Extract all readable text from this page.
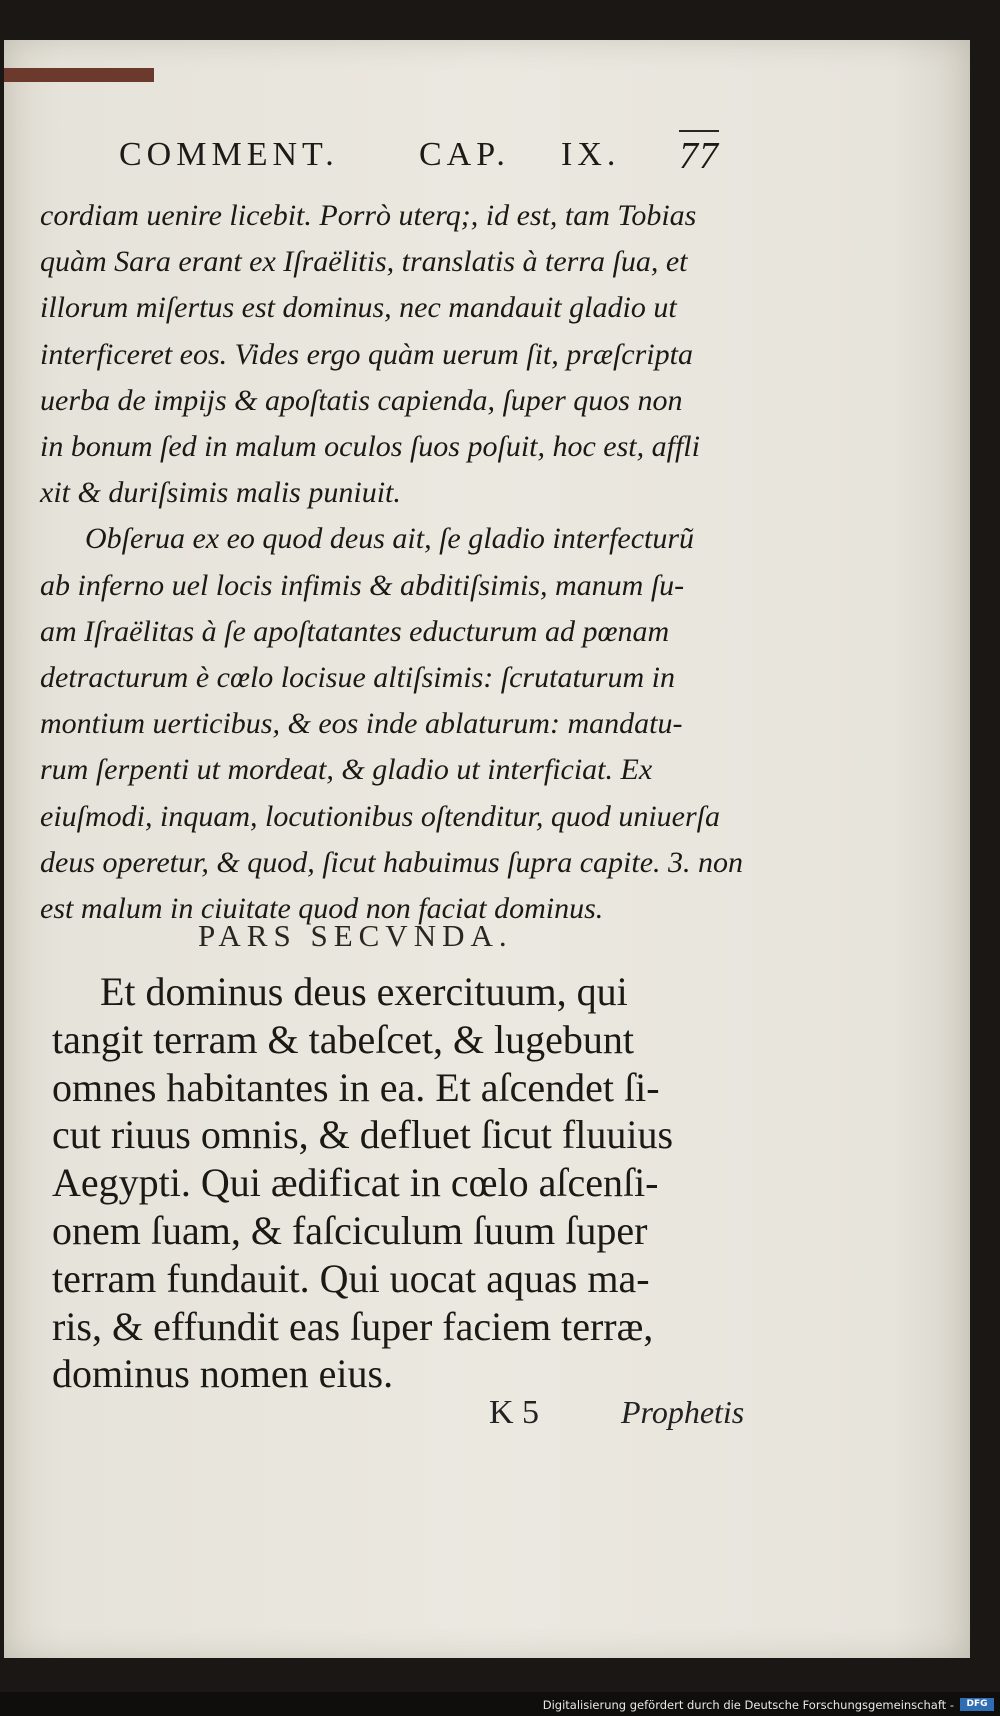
COMMENT. CAP. IX. 77
cordiam uenire licebit. Porrò uterq;, id est, tam Tobias
quàm Sara erant ex Iſraëlitis, translatis à terra ſua, et
illorum miſertus est dominus, nec mandauit gladio ut
interficeret eos. Vides ergo quàm uerum ſit, præſcripta
uerba de impijs & apoſtatis capienda, ſuper quos non
in bonum ſed in malum oculos ſuos poſuit, hoc est, affli
xit & duriſsimis malis puniuit.
Obſerua ex eo quod deus ait, ſe gladio interfecturũ
ab inferno uel locis infimis & abditiſsimis, manum ſu-
am Iſraëlitas à ſe apoſtatantes educturum ad pœnam
detracturum è cœlo locisue altiſsimis: ſcrutaturum in
montium uerticibus, & eos inde ablaturum: mandatu-
rum ſerpenti ut mordeat, & gladio ut interficiat. Ex
eiuſmodi, inquam, locutionibus oſtenditur, quod uniuerſa
deus operetur, & quod, ſicut habuimus ſupra capite. 3. non
est malum in ciuitate quod non faciat dominus.
PARS SECVNDA.
Et dominus deus exercituum, qui
tangit terram & tabeſcet, & lugebunt
omnes habitantes in ea. Et aſcendet ſi-
cut riuus omnis, & defluet ſicut fluuius
Aegypti. Qui ædificat in cœlo aſcenſi-
onem ſuam, & faſciculum ſuum ſuper
terram fundauit. Qui uocat aquas ma-
ris, & effundit eas ſuper faciem terræ,
dominus nomen eius.
K 5	Prophetis
Digitalisierung gefördert durch die Deutsche Forschungsgemeinschaft -	DFG
